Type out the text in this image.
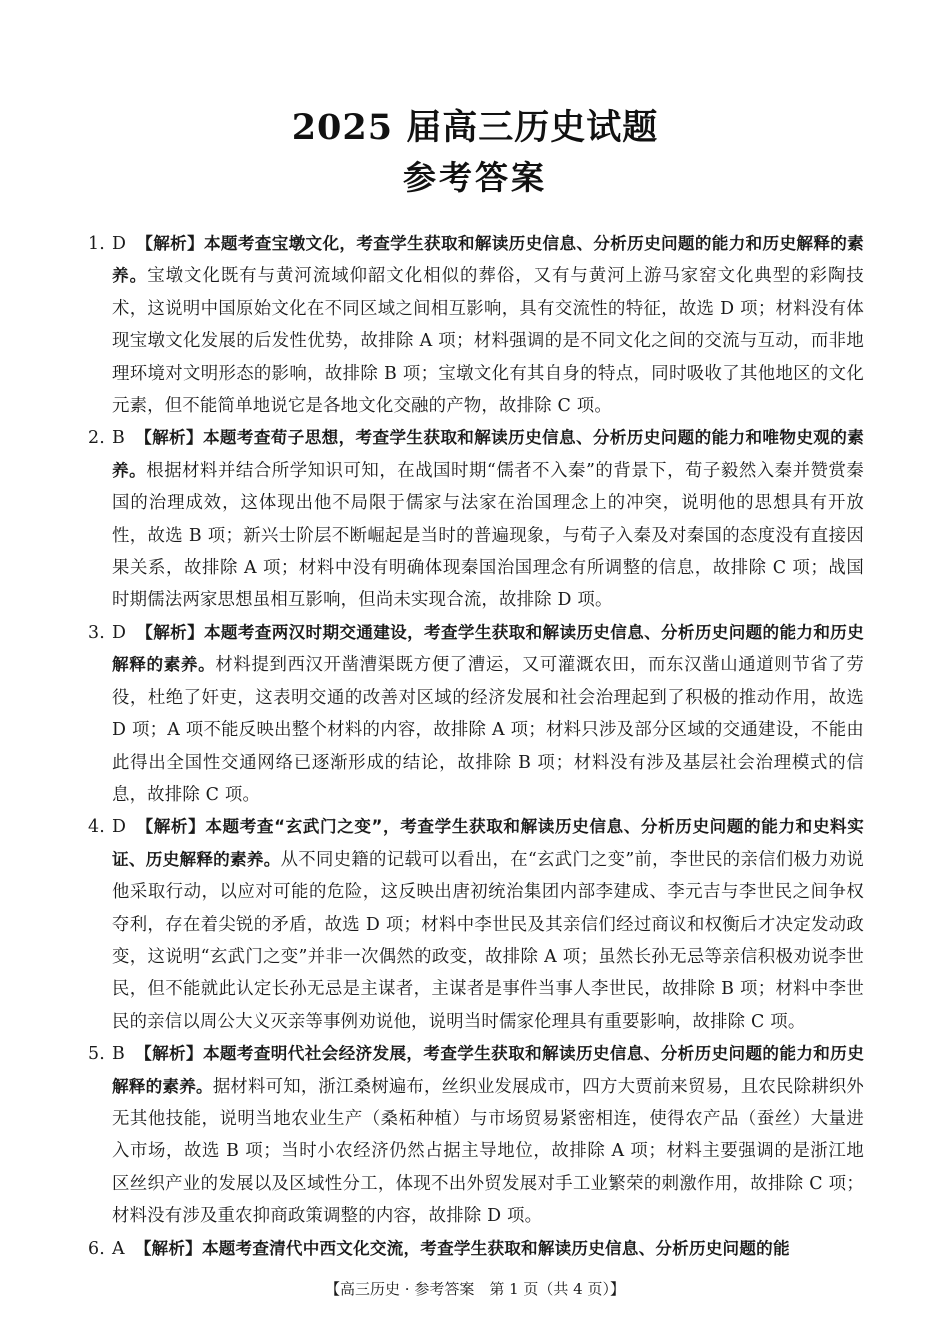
2025 届高三历史试题
参考答案
1. D 【解析】本题考查宝墩文化，考查学生获取和解读历史信息、分析历史问题的能力和历史解释的素养。宝墩文化既有与黄河流域仰韶文化相似的葬俗，又有与黄河上游马家窑文化典型的彩陶技术，这说明中国原始文化在不同区域之间相互影响，具有交流性的特征，故选 D 项；材料没有体现宝墩文化发展的后发性优势，故排除 A 项；材料强调的是不同文化之间的交流与互动，而非地理环境对文明形态的影响，故排除 B 项；宝墩文化有其自身的特点，同时吸收了其他地区的文化元素，但不能简单地说它是各地文化交融的产物，故排除 C 项。
2. B 【解析】本题考查荀子思想，考查学生获取和解读历史信息、分析历史问题的能力和唯物史观的素养。根据材料并结合所学知识可知，在战国时期“儒者不入秦”的背景下，荀子毅然入秦并赞赏秦国的治理成效，这体现出他不局限于儒家与法家在治国理念上的冲突，说明他的思想具有开放性，故选 B 项；新兴士阶层不断崛起是当时的普遍现象，与荀子入秦及对秦国的态度没有直接因果关系，故排除 A 项；材料中没有明确体现秦国治国理念有所调整的信息，故排除 C 项；战国时期儒法两家思想虽相互影响，但尚未实现合流，故排除 D 项。
3. D 【解析】本题考查两汉时期交通建设，考查学生获取和解读历史信息、分析历史问题的能力和历史解释的素养。材料提到西汉开凿漕渠既方便了漕运，又可灌溉农田，而东汉凿山通道则节省了劳役，杜绝了奸吏，这表明交通的改善对区域的经济发展和社会治理起到了积极的推动作用，故选 D 项；A 项不能反映出整个材料的内容，故排除 A 项；材料只涉及部分区域的交通建设，不能由此得出全国性交通网络已逐渐形成的结论，故排除 B 项；材料没有涉及基层社会治理模式的信息，故排除 C 项。
4. D 【解析】本题考查“玄武门之变”，考查学生获取和解读历史信息、分析历史问题的能力和史料实证、历史解释的素养。从不同史籍的记载可以看出，在“玄武门之变”前，李世民的亲信们极力劝说他采取行动，以应对可能的危险，这反映出唐初统治集团内部李建成、李元吉与李世民之间争权夺利，存在着尖锐的矛盾，故选 D 项；材料中李世民及其亲信们经过商议和权衡后才决定发动政变，这说明“玄武门之变”并非一次偶然的政变，故排除 A 项；虽然长孙无忌等亲信积极劝说李世民，但不能就此认定长孙无忌是主谋者，主谋者是事件当事人李世民，故排除 B 项；材料中李世民的亲信以周公大义灭亲等事例劝说他，说明当时儒家伦理具有重要影响，故排除 C 项。
5. B 【解析】本题考查明代社会经济发展，考查学生获取和解读历史信息、分析历史问题的能力和历史解释的素养。据材料可知，浙江桑树遍布，丝织业发展成市，四方大贾前来贸易，且农民除耕织外无其他技能，说明当地农业生产（桑柘种植）与市场贸易紧密相连，使得农产品（蚕丝）大量进入市场，故选 B 项；当时小农经济仍然占据主导地位，故排除 A 项；材料主要强调的是浙江地区丝织产业的发展以及区域性分工，体现不出外贸发展对手工业繁荣的刺激作用，故排除 C 项；材料没有涉及重农抑商政策调整的内容，故排除 D 项。
6. A 【解析】本题考查清代中西文化交流，考查学生获取和解读历史信息、分析历史问题的能
【高三历史 · 参考答案　第 1 页（共 4 页）】
